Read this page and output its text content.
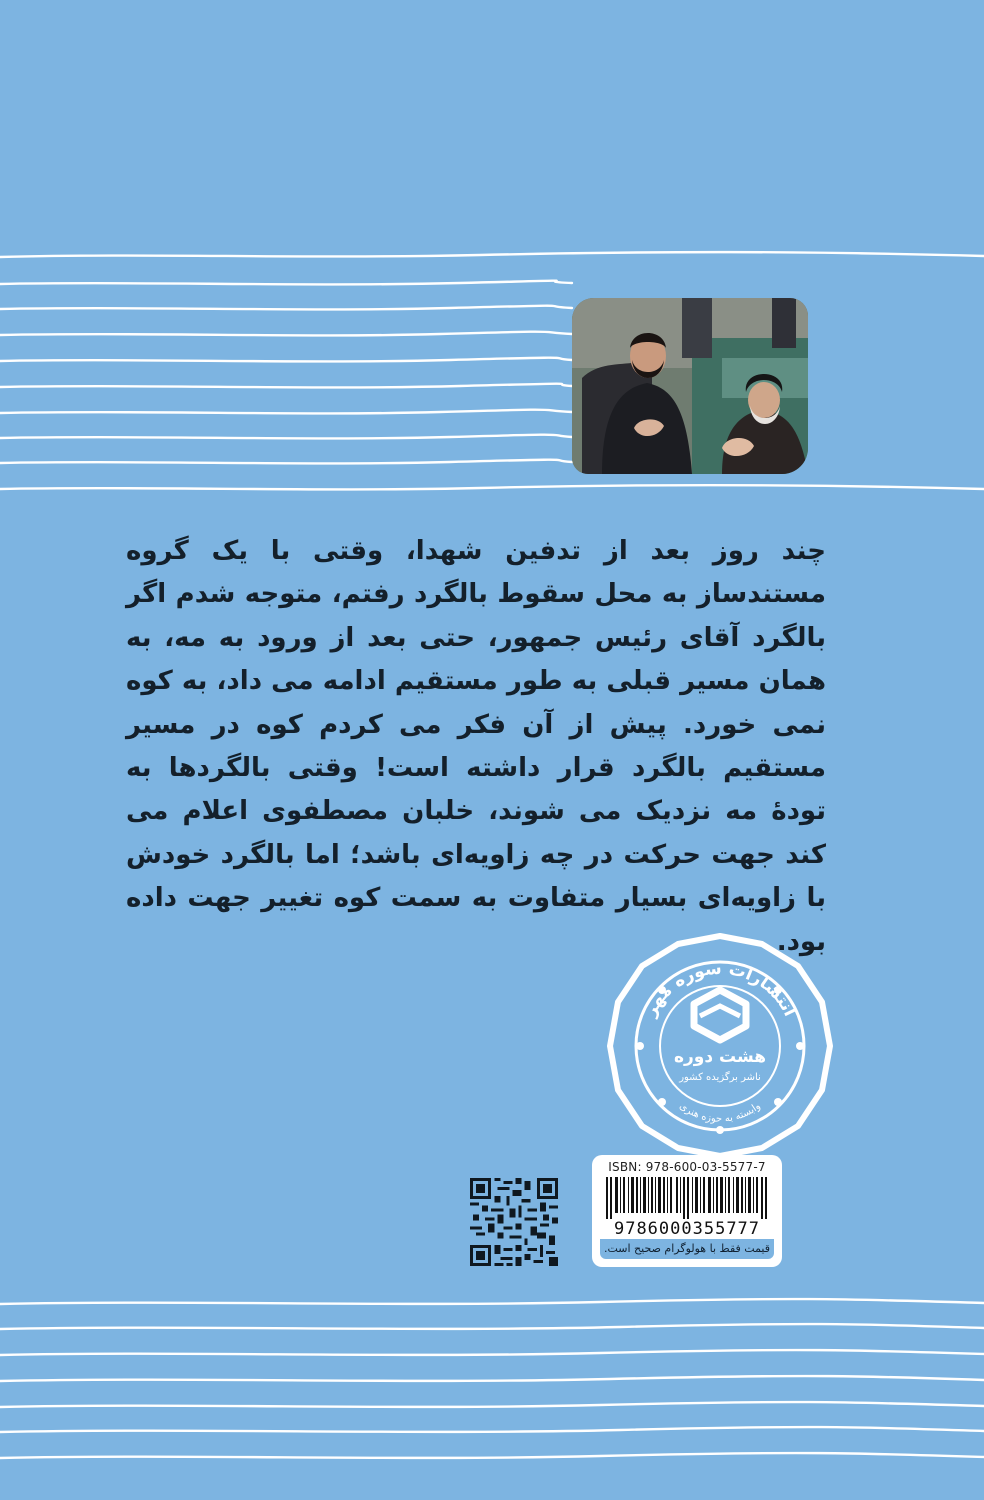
چند روز بعد از تدفین شهدا، وقتی با یک گروه مستندساز به محل سقوط بالگرد رفتم، متوجه شدم اگر بالگرد آقای رئیس جمهور، حتی بعد از ورود به مه، به همان مسیر قبلی به طور مستقیم ادامه می داد، به کوه نمی خورد. پیش از آن فکر می کردم کوه در مسیر مستقیم بالگرد قرار داشته است! وقتی بالگردها به تودهٔ مه نزدیک می شوند، خلبان مصطفوی اعلام می کند جهت حرکت در چه زاویه‌ای باشد؛ اما بالگرد خودش با زاویه‌ای بسیار متفاوت به سمت کوه تغییر جهت داده بود.

هشت دوره
ناشر برگزیده کشور
انتشارات سوره مهر
وابسته به حوزه هنری
ISBN: 978-600-03-5577-7
9786000355777
قیمت فقط با هولوگرام صحیح است.
